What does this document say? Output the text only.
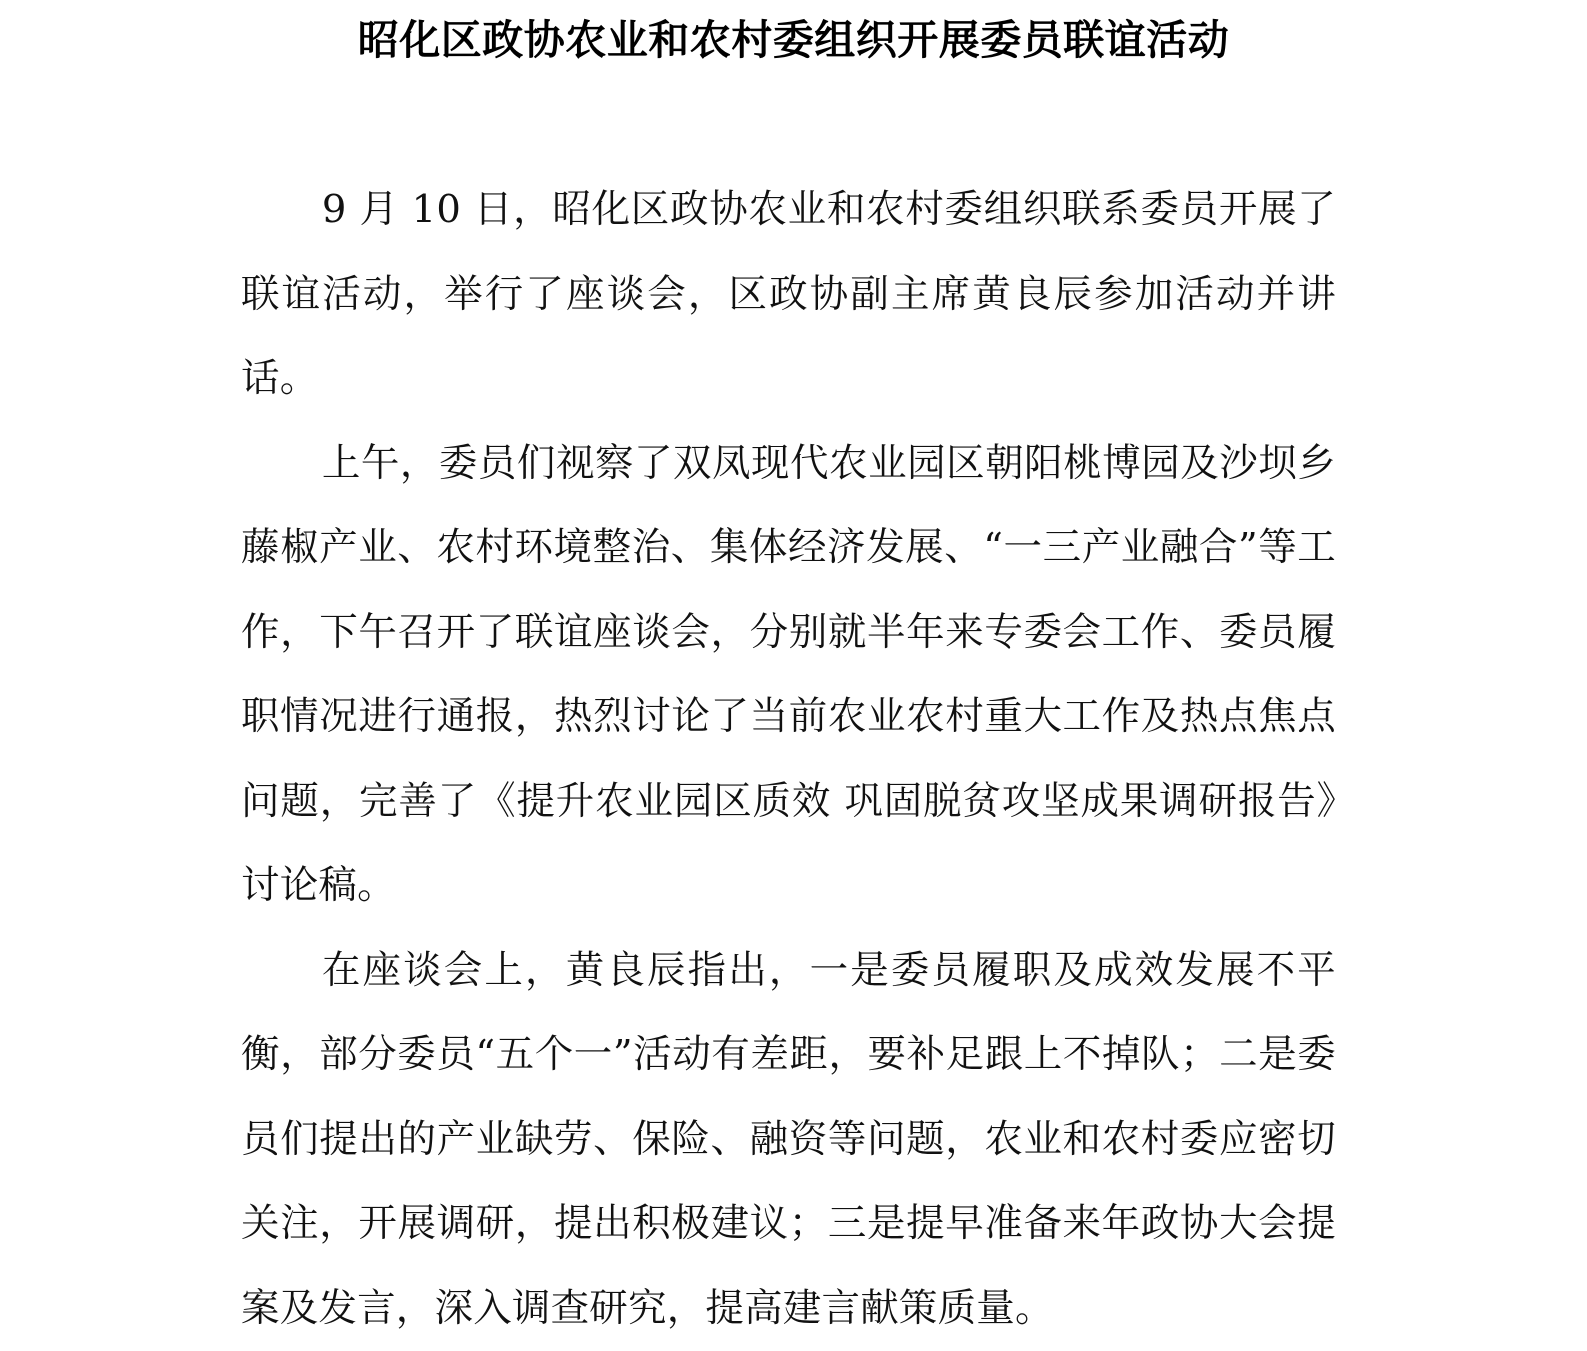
昭化区政协农业和农村委组织开展委员联谊活动

9 月 10 日，昭化区政协农业和农村委组织联系委员开展了联谊活动，举行了座谈会，区政协副主席黄良辰参加活动并讲话。

上午，委员们视察了双凤现代农业园区朝阳桃博园及沙坝乡藤椒产业、农村环境整治、集体经济发展、“一三产业融合”等工作，下午召开了联谊座谈会，分别就半年来专委会工作、委员履职情况进行通报，热烈讨论了当前农业农村重大工作及热点焦点问题，完善了《提升农业园区质效 巩固脱贫攻坚成果调研报告》讨论稿。

在座谈会上，黄良辰指出，一是委员履职及成效发展不平衡，部分委员“五个一”活动有差距，要补足跟上不掉队；二是委员们提出的产业缺劳、保险、融资等问题，农业和农村委应密切关注，开展调研，提出积极建议；三是提早准备来年政协大会提案及发言，深入调查研究，提高建言献策质量。
